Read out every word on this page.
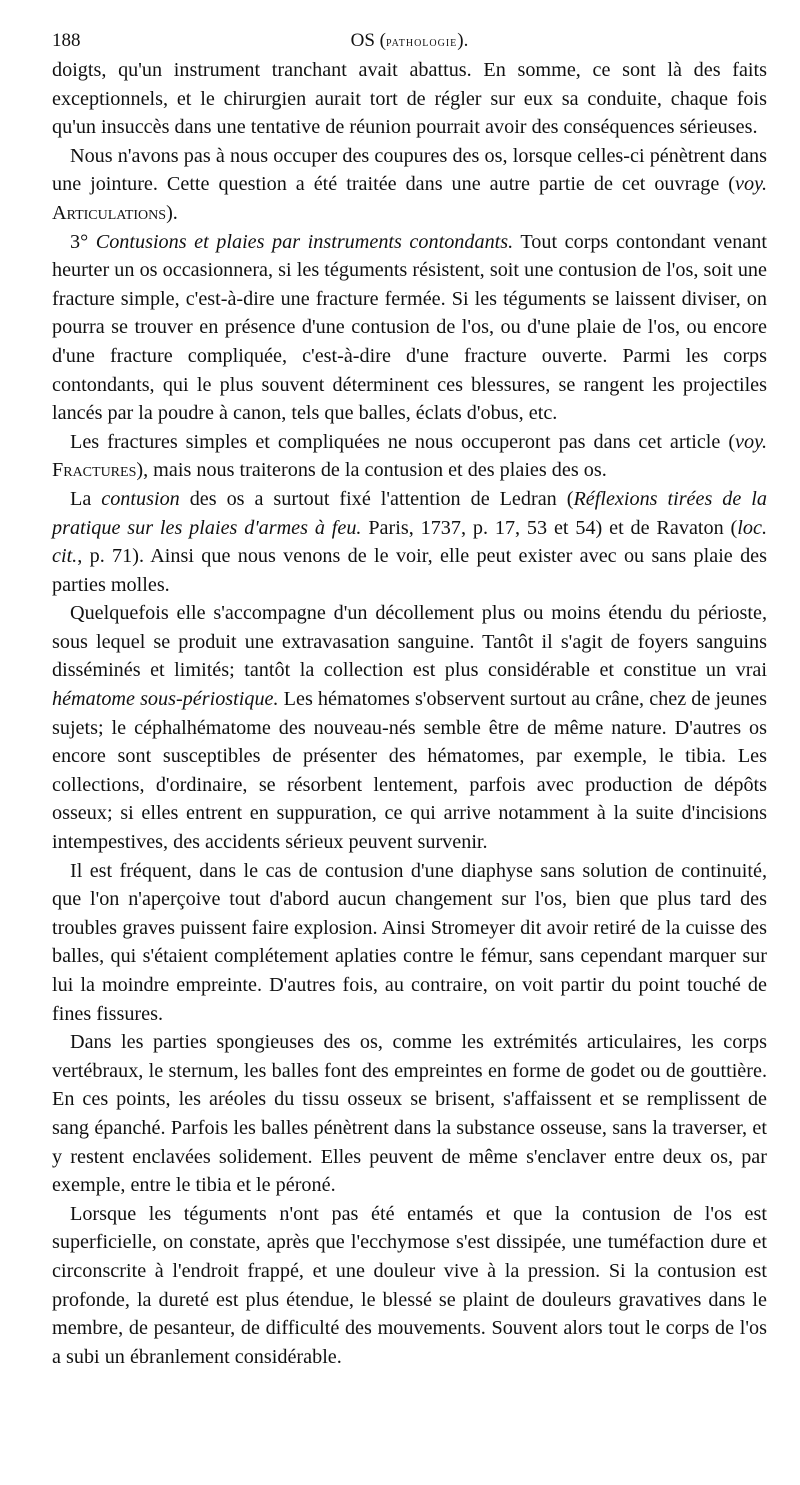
188	OS (pathologie).

doigts, qu'un instrument tranchant avait abattus. En somme, ce sont là des faits exceptionnels, et le chirurgien aurait tort de régler sur eux sa conduite, chaque fois qu'un insuccès dans une tentative de réunion pourrait avoir des conséquences sérieuses.

Nous n'avons pas à nous occuper des coupures des os, lorsque celles-ci pénètrent dans une jointure. Cette question a été traitée dans une autre partie de cet ouvrage (voy. Articulations).

3° Contusions et plaies par instruments contondants. Tout corps contondant venant heurter un os occasionnera, si les téguments résistent, soit une contusion de l'os, soit une fracture simple, c'est-à-dire une fracture fermée. Si les téguments se laissent diviser, on pourra se trouver en présence d'une contusion de l'os, ou d'une plaie de l'os, ou encore d'une fracture compliquée, c'est-à-dire d'une fracture ouverte. Parmi les corps contondants, qui le plus souvent déterminent ces blessures, se rangent les projectiles lancés par la poudre à canon, tels que balles, éclats d'obus, etc.

Les fractures simples et compliquées ne nous occuperont pas dans cet article (voy. Fractures), mais nous traiterons de la contusion et des plaies des os.

La contusion des os a surtout fixé l'attention de Ledran (Réflexions tirées de la pratique sur les plaies d'armes à feu. Paris, 1737, p. 17, 53 et 54) et de Ravaton (loc. cit., p. 71). Ainsi que nous venons de le voir, elle peut exister avec ou sans plaie des parties molles.

Quelquefois elle s'accompagne d'un décollement plus ou moins étendu du périoste, sous lequel se produit une extravasation sanguine. Tantôt il s'agit de foyers sanguins disséminés et limités; tantôt la collection est plus considérable et constitue un vrai hématome sous-périostique. Les hématomes s'observent surtout au crâne, chez de jeunes sujets; le céphalhématome des nouveau-nés semble être de même nature. D'autres os encore sont susceptibles de présenter des hématomes, par exemple, le tibia. Les collections, d'ordinaire, se résorbent lentement, parfois avec production de dépôts osseux; si elles entrent en suppuration, ce qui arrive notamment à la suite d'incisions intempestives, des accidents sérieux peuvent survenir.

Il est fréquent, dans le cas de contusion d'une diaphyse sans solution de continuité, que l'on n'aperçoive tout d'abord aucun changement sur l'os, bien que plus tard des troubles graves puissent faire explosion. Ainsi Stromeyer dit avoir retiré de la cuisse des balles, qui s'étaient complétement aplaties contre le fémur, sans cependant marquer sur lui la moindre empreinte. D'autres fois, au contraire, on voit partir du point touché de fines fissures.

Dans les parties spongieuses des os, comme les extrémités articulaires, les corps vertébraux, le sternum, les balles font des empreintes en forme de godet ou de gouttière. En ces points, les aréoles du tissu osseux se brisent, s'affaissent et se remplissent de sang épanché. Parfois les balles pénètrent dans la substance osseuse, sans la traverser, et y restent enclavées solidement. Elles peuvent de même s'enclaver entre deux os, par exemple, entre le tibia et le péroné.

Lorsque les téguments n'ont pas été entamés et que la contusion de l'os est superficielle, on constate, après que l'ecchymose s'est dissipée, une tuméfaction dure et circonscrite à l'endroit frappé, et une douleur vive à la pression. Si la contusion est profonde, la dureté est plus étendue, le blessé se plaint de douleurs gravatives dans le membre, de pesanteur, de difficulté des mouvements. Souvent alors tout le corps de l'os a subi un ébranlement considérable.
